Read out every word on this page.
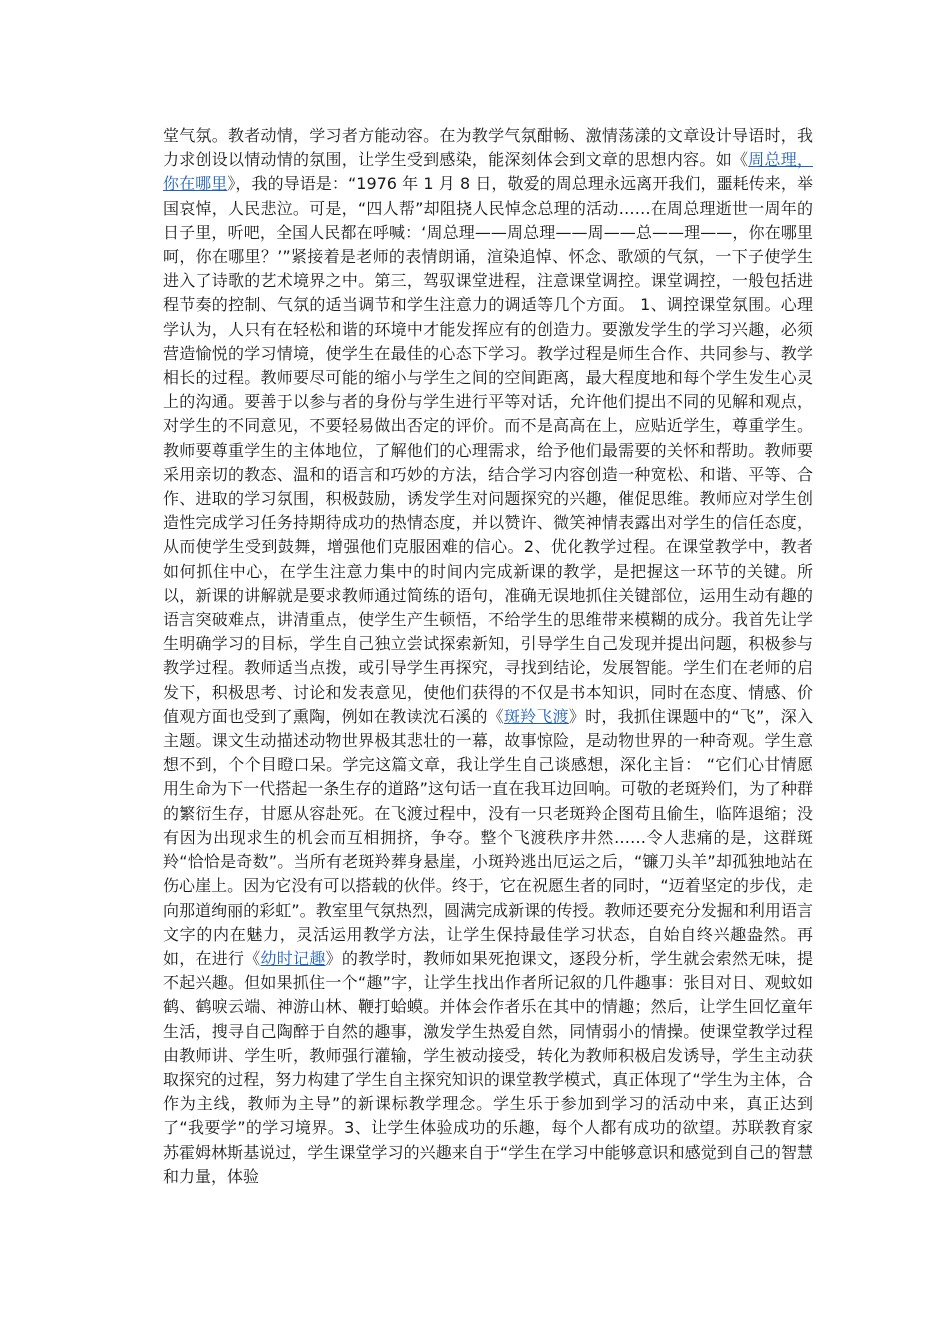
堂气氛。教者动情，学习者方能动容。在为教学气氛酣畅、激情荡漾的文章设计导语时，我力求创设以情动情的氛围，让学生受到感染，能深刻体会到文章的思想内容。如《周总理，你在哪里》，我的导语是：“1976 年 1 月 8 日，敬爱的周总理永远离开我们，噩耗传来，举国哀悼，人民悲泣。可是，“四人帮”却阻挠人民悼念总理的活动……在周总理逝世一周年的日子里，听吧，全国人民都在呼喊：‘周总理——周总理——周——总——理——，你在哪里呵，你在哪里？’”紧接着是老师的表情朗诵，渲染追悼、怀念、歌颂的气氛，一下子使学生进入了诗歌的艺术境界之中。第三，驾驭课堂进程，注意课堂调控。课堂调控，一般包括进程节奏的控制、气氛的适当调节和学生注意力的调适等几个方面。 1、调控课堂氛围。心理学认为，人只有在轻松和谐的环境中才能发挥应有的创造力。要激发学生的学习兴趣，必须营造愉悦的学习情境，使学生在最佳的心态下学习。教学过程是师生合作、共同参与、教学相长的过程。教师要尽可能的缩小与学生之间的空间距离，最大程度地和每个学生发生心灵上的沟通。要善于以参与者的身份与学生进行平等对话，允许他们提出不同的见解和观点，对学生的不同意见，不要轻易做出否定的评价。而不是高高在上，应贴近学生，尊重学生。教师要尊重学生的主体地位，了解他们的心理需求，给予他们最需要的关怀和帮助。教师要采用亲切的教态、温和的语言和巧妙的方法，结合学习内容创造一种宽松、和谐、平等、合作、进取的学习氛围，积极鼓励，诱发学生对问题探究的兴趣，催促思维。教师应对学生创造性完成学习任务持期待成功的热情态度，并以赞许、微笑神情表露出对学生的信任态度，从而使学生受到鼓舞，增强他们克服困难的信心。2、优化教学过程。在课堂教学中，教者如何抓住中心，在学生注意力集中的时间内完成新课的教学，是把握这一环节的关键。所以，新课的讲解就是要求教师通过简练的语句，准确无误地抓住关键部位，运用生动有趣的语言突破难点，讲清重点，使学生产生顿悟，不给学生的思维带来模糊的成分。我首先让学生明确学习的目标，学生自己独立尝试探索新知，引导学生自己发现并提出问题，积极参与教学过程。教师适当点拨，或引导学生再探究，寻找到结论，发展智能。学生们在老师的启发下，积极思考、讨论和发表意见，使他们获得的不仅是书本知识，同时在态度、情感、价值观方面也受到了熏陶，例如在教读沈石溪的《斑羚飞渡》时，我抓住课题中的“飞”，深入主题。课文生动描述动物世界极其悲壮的一幕，故事惊险，是动物世界的一种奇观。学生意想不到，个个目瞪口呆。学完这篇文章，我让学生自己谈感想，深化主旨： “它们心甘情愿用生命为下一代搭起一条生存的道路”这句话一直在我耳边回响。可敬的老斑羚们，为了种群的繁衍生存，甘愿从容赴死。在飞渡过程中，没有一只老斑羚企图苟且偷生，临阵退缩；没有因为出现求生的机会而互相拥挤，争夺。整个飞渡秩序井然……令人悲痛的是，这群斑羚“恰恰是奇数”。当所有老斑羚葬身悬崖，小斑羚逃出厄运之后，“镰刀头羊”却孤独地站在伤心崖上。因为它没有可以搭载的伙伴。终于，它在祝愿生者的同时，“迈着坚定的步伐，走向那道绚丽的彩虹”。教室里气氛热烈，圆满完成新课的传授。教师还要充分发掘和利用语言文字的内在魅力，灵活运用教学方法，让学生保持最佳学习状态，自始自终兴趣盎然。再如，在进行《幼时记趣》的教学时，教师如果死抱课文，逐段分析，学生就会索然无味，提不起兴趣。但如果抓住一个“趣”字，让学生找出作者所记叙的几件趣事：张目对日、观蚊如鹤、鹤唳云端、神游山林、鞭打蛤蟆。并体会作者乐在其中的情趣；然后，让学生回忆童年生活，搜寻自己陶醉于自然的趣事，激发学生热爱自然，同情弱小的情操。使课堂教学过程由教师讲、学生听，教师强行灌输，学生被动接受，转化为教师积极启发诱导，学生主动获取探究的过程，努力构建了学生自主探究知识的课堂教学模式，真正体现了“学生为主体，合作为主线，教师为主导”的新课标教学理念。学生乐于参加到学习的活动中来，真正达到了“我要学”的学习境界。3、让学生体验成功的乐趣，每个人都有成功的欲望。苏联教育家苏霍姆林斯基说过，学生课堂学习的兴趣来自于“学生在学习中能够意识和感觉到自己的智慧和力量，体验
